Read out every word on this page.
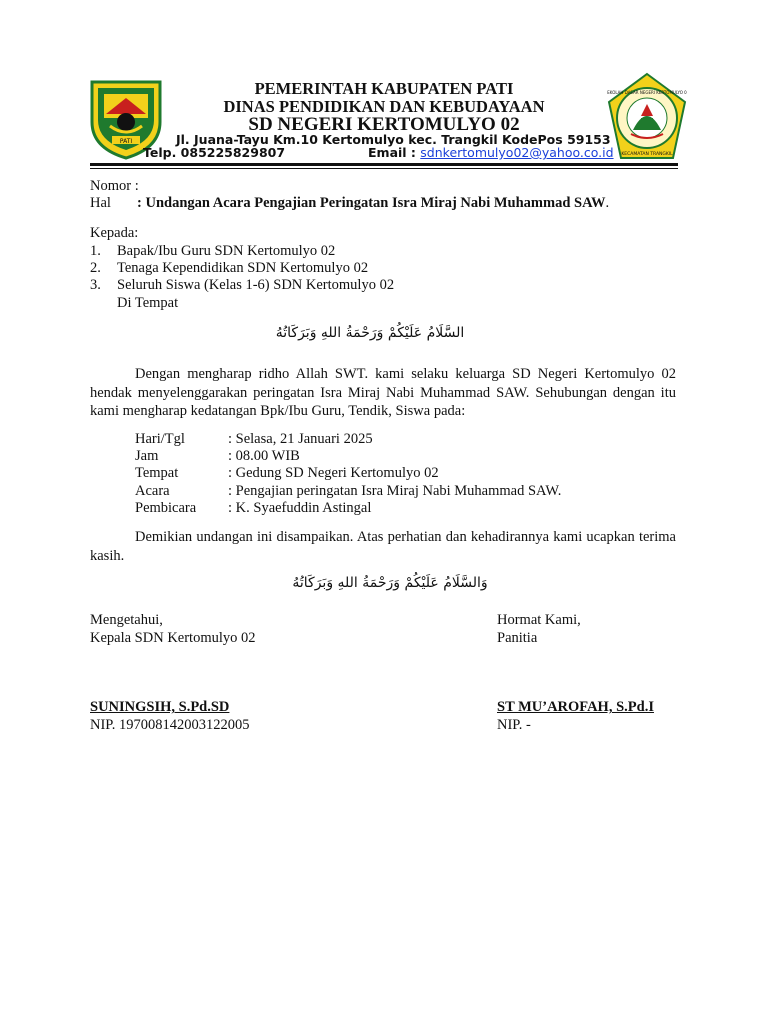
PATI
PEMERINTAH KABUPATEN PATI
DINAS PENDIDIKAN DAN KEBUDAYAAN
SD NEGERI KERTOMULYO 02
Jl. Juana-Tayu Km.10 Kertomulyo kec. Trangkil KodePos 59153
Telp. 085225829807	Email : sdnkertomulyo02@yahoo.co.id KECAMATAN TRANGKIL
SEKOLAH DASAR NEGERI KERTOMULYO 02
Nomor :
Hal : Undangan Acara Pengajian Peringatan Isra Miraj Nabi Muhammad SAW.
Kepada:
1. Bapak/Ibu Guru SDN Kertomulyo 02
2. Tenaga Kependidikan SDN Kertomulyo 02
3. Seluruh Siswa (Kelas 1-6) SDN Kertomulyo 02
Di Tempat
السَّلَامُ عَلَيْكُمْ وَرَحْمَةُ اللهِ وَبَرَكَاتُهُ
Dengan mengharap ridho Allah SWT. kami selaku keluarga SD Negeri Kertomulyo 02 hendak menyelenggarakan peringatan Isra Miraj Nabi Muhammad SAW. Sehubungan dengan itu kami mengharap kedatangan Bpk/Ibu Guru, Tendik, Siswa pada:
Hari/Tgl	: Selasa, 21 Januari 2025
Jam	: 08.00 WIB
Tempat	: Gedung SD Negeri Kertomulyo 02
Acara	: Pengajian peringatan Isra Miraj Nabi Muhammad SAW.
Pembicara : K. Syaefuddin Astingal
Demikian undangan ini disampaikan. Atas perhatian dan kehadirannya kami ucapkan terima kasih.
وَالسَّلَامُ عَلَيْكُمْ وَرَحْمَةُ اللهِ وَبَرَكَاتُهُ
Mengetahui,
Kepala SDN Kertomulyo 02
SUNINGSIH, S.Pd.SD
NIP. 197008142003122005
Hormat Kami,
Panitia
ST MU’AROFAH, S.Pd.I
NIP. -
